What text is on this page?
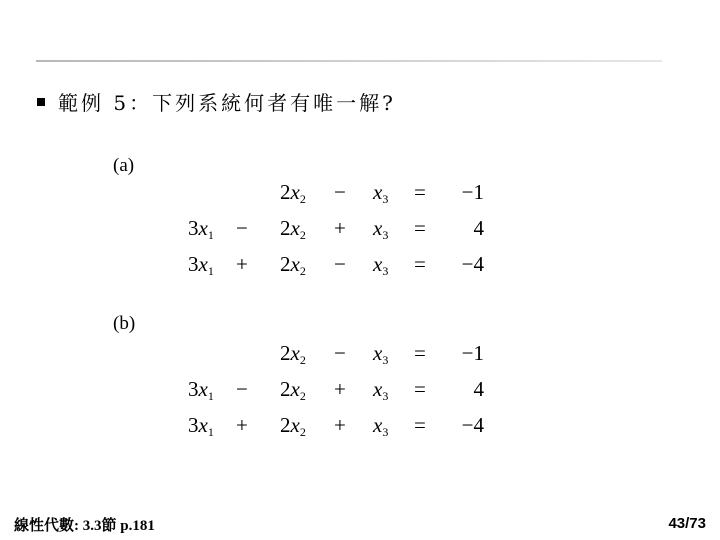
範例 5：下列系統何者有唯一解?
(a)
$2x_2 - x_3 = -1$
$3x_1 - 2x_2 + x_3 = 4$
$3x_1 + 2x_2 - x_3 = -4$
(b)
$2x_2 - x_3 = -1$
$3x_1 - 2x_2 + x_3 = 4$
$3x_1 + 2x_2 + x_3 = -4$
線性代數: 3.3節 p.181	43/73
